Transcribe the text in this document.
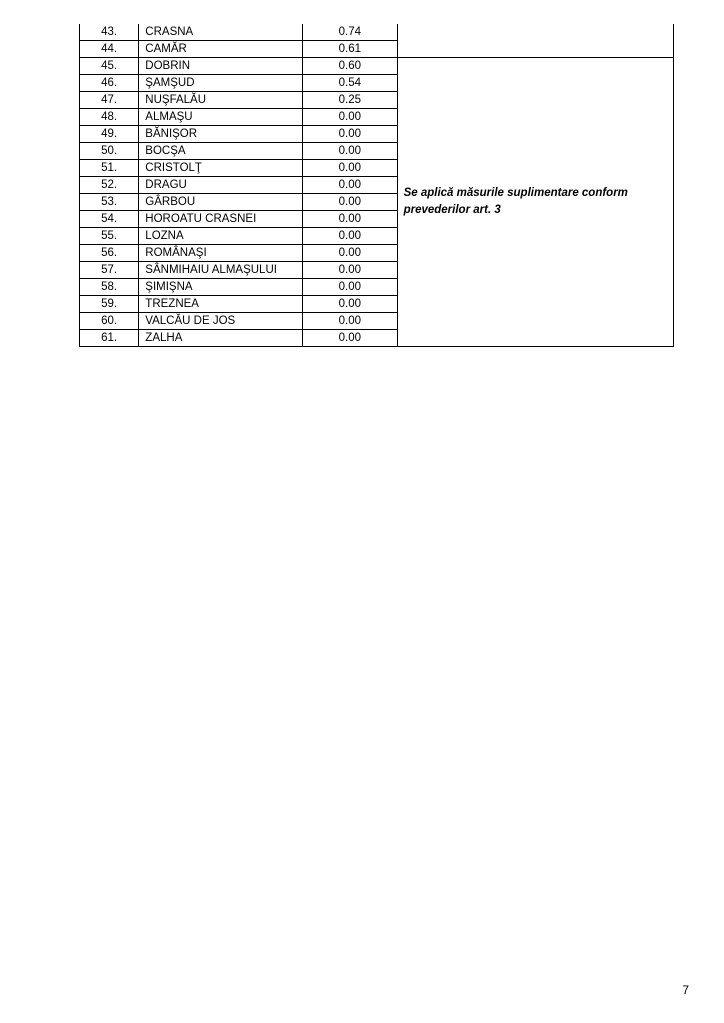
43.	CRASNA	0.74	
44.	CAMĂR	0.61	
45.	DOBRIN	0.60	Se aplică măsurile suplimentare conform prevederilor art. 3
46.	ŞAMŞUD	0.54	
47.	NUŞFALĂU	0.25	
48.	ALMAŞU	0.00	
49.	BĂNIŞOR	0.00	
50.	BOCŞA	0.00	
51.	CRISTOLŢ	0.00	
52.	DRAGU	0.00	
53.	GÂRBOU	0.00	
54.	HOROATU CRASNEI	0.00	
55.	LOZNA	0.00	
56.	ROMÂNAŞI	0.00	
57.	SÂNMIHAIU ALMAŞULUI	0.00	
58.	ŞIMIŞNA	0.00	
59.	TREZNEA	0.00	
60.	VALCĂU DE JOS	0.00	
61.	ZALHA	0.00	
7
